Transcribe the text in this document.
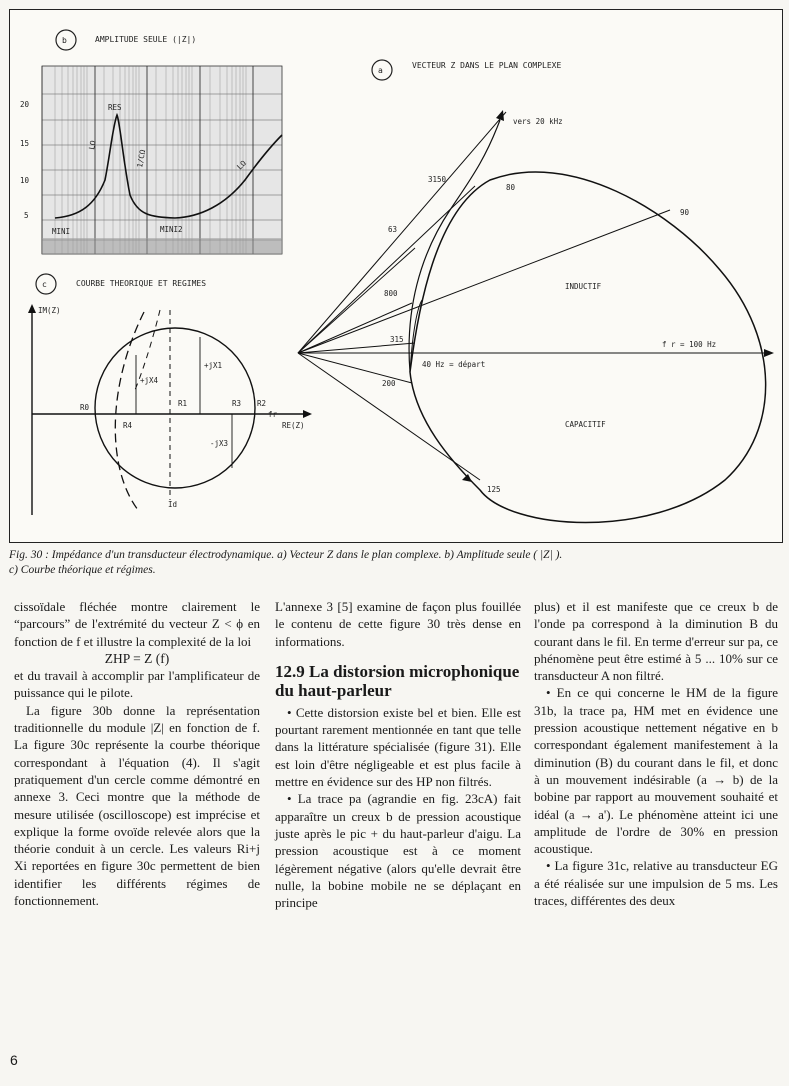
b	AMPLITUDE SEULE (|Z|)
20
15
10
5
RES
MINI	MINI2
LΩ
1/CΩ	LΩ
c	COURBE THEORIQUE ET REGIMES
IM(Z)
RE(Z)
R0
R4
R1	R3 R2
fr
+jX4
+jX1
-jX3
Id
a
VECTEUR Z DANS LE PLAN COMPLEXE
vers 20 kHz
3150
80
63
90
800
315
200
125
40 Hz = départ
f r = 100 Hz
INDUCTIF
CAPACITIF
Fig. 30 : Impédance d'un transducteur électrodynamique. a) Vecteur Z dans le plan complexe. b) Amplitude seule ( |Z| ).
c) Courbe théorique et régimes.

cissoïdale fléchée montre clairement le “parcours” de l'extrémité du vecteur Z < ϕ en fonction de f et illustre la complexité de la loi

ZHP = Z (f)

et du travail à accomplir par l'amplificateur de puissance qui le pilote.

La figure 30b donne la représentation traditionnelle du module |Z| en fonction de f. La figure 30c représente la courbe théorique correspondant à l'équation (4). Il s'agit pratiquement d'un cercle comme démontré en annexe 3. Ceci montre que la méthode de mesure utilisée (oscilloscope) est imprécise et explique la forme ovoïde relevée alors que la théorie conduit à un cercle. Les valeurs Ri+j Xi reportées en figure 30c permettent de bien identifier les différents régimes de fonctionnement.

L'annexe 3 [5] examine de façon plus fouillée le contenu de cette figure 30 très dense en informations.

12.9 La distorsion microphonique du haut-parleur

• Cette distorsion existe bel et bien. Elle est pourtant rarement mentionnée en tant que telle dans la littérature spécialisée (figure 31). Elle est loin d'être négligeable et est plus facile à mettre en évidence sur des HP non filtrés.

• La trace pa (agrandie en fig. 23cA) fait apparaître un creux b de pression acoustique juste après le pic + du haut-parleur d'aigu. La pression acoustique est à ce moment légèrement négative (alors qu'elle devrait être nulle, la bobine mobile ne se déplaçant en principe

plus) et il est manifeste que ce creux b de l'onde pa correspond à la diminution B du courant dans le fil. En terme d'erreur sur pa, ce phénomène peut être estimé à 5 ... 10% sur ce transducteur A non filtré.

• En ce qui concerne le HM de la figure 31b, la trace pa, HM met en évidence une pression acoustique nettement négative en b correspondant également manifestement à la diminution (B) du courant dans le fil, et donc à un mouvement indésirable (a → b) de la bobine par rapport au mouvement souhaité et idéal (a → a'). Le phénomène atteint ici une amplitude de l'ordre de 30% en pression acoustique.

• La figure 31c, relative au transducteur EG a été réalisée sur une impulsion de 5 ms. Les traces, différentes des deux

6
